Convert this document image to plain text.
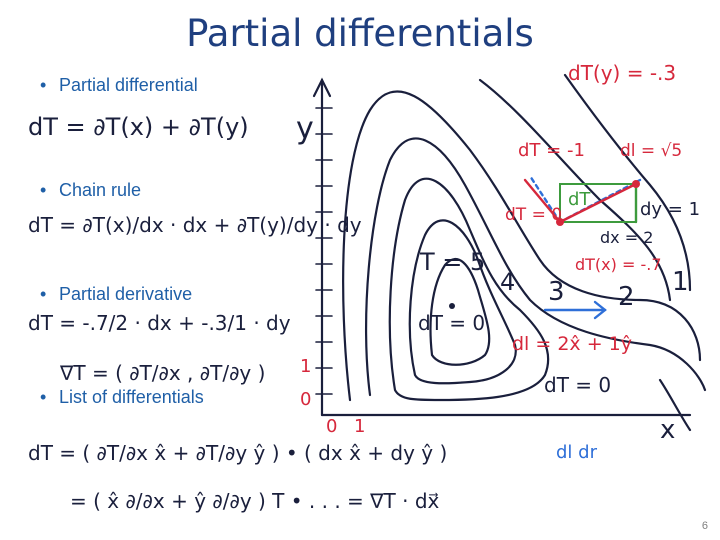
Partial differentials
• Partial differential
• Chain rule
• Partial derivative
• List of differentials
dT = ∂T(x) + ∂T(y)
dT = ∂T(x)/dx · dx + ∂T(y)/dy · dy
dT = -.7/2 · dx + -.3/1 · dy
∇T = ( ∂T/∂x , ∂T/∂y )
dT = ( ∂T/∂x x̂ + ∂T/∂y ŷ ) • ( dx x̂ + dy ŷ )
= ( x̂ ∂/∂x + ŷ ∂/∂y ) T • . . . = ∇T · dx⃗
dT(y) = -.3
dT = -1 dl = √5
dT = 0	dy = 1
dx = 2
dT(x) = -.7
T = 5
4 3 2 1
dT = 0
dl = 2x̂ + 1ŷ
dT = 0
y
x
0 1
0
1
dl dr
dT
6
